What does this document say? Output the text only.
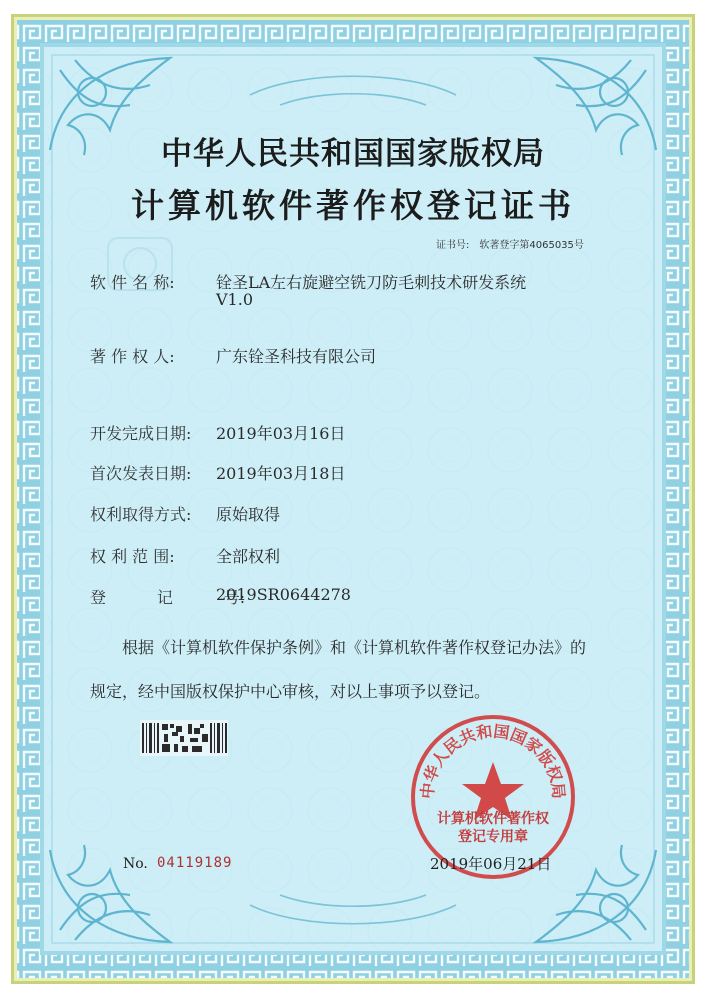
中华人民共和国国家版权局
计算机软件著作权登记证书
证书号: 软著登字第4065035号
软 件 名 称:	铨圣LA左右旋避空铣刀防毛刺技术研发系统
V1.0
著 作 权 人:	广东铨圣科技有限公司
开发完成日期: 2019年03月16日
首次发表日期: 2019年03月18日
权利取得方式: 原始取得
权 利 范 围:	全部权利
登          记          号:
2019SR0644278
根据《计算机软件保护条例》和《计算机软件著作权登记办法》的
规定，经中国版权保护中心审核，对以上事项予以登记。
中华人民共和国国家版权局
计算机软件著作权
登记专用章
No. 04119189	2019年06月21日
